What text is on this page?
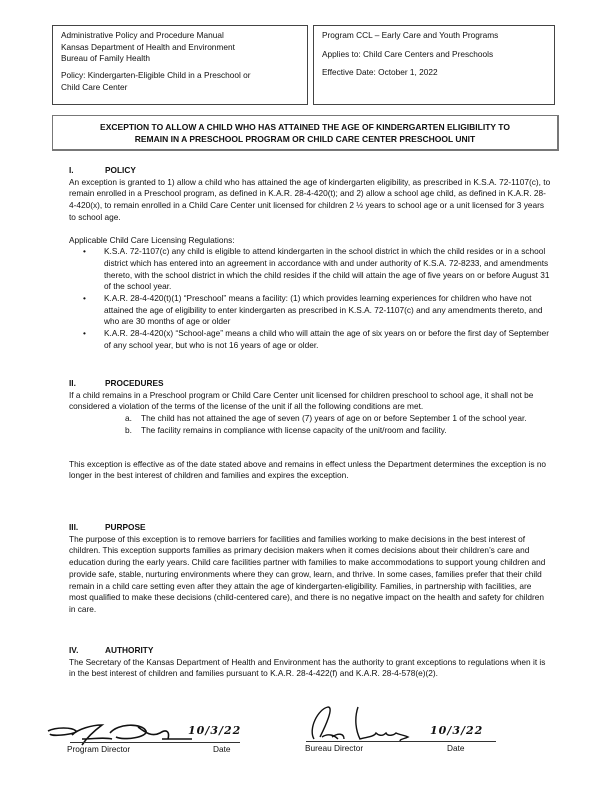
Administrative Policy and Procedure Manual
Kansas Department of Health and Environment
Bureau of Family Health
Policy: Kindergarten-Eligible Child in a Preschool or
Child Care Center
Program CCL – Early Care and Youth Programs
Applies to: Child Care Centers and Preschools
Effective Date: October 1, 2022
EXCEPTION TO ALLOW A CHILD WHO HAS ATTAINED THE AGE OF KINDERGARTEN ELIGIBILITY TO
REMAIN IN A PRESCHOOL PROGRAM OR CHILD CARE CENTER PRESCHOOL UNIT
I.	POLICY

An exception is granted to 1) allow a child who has attained the age of kindergarten eligibility, as prescribed in K.S.A. 72-1107(c), to remain enrolled in a Preschool program, as defined in K.A.R. 28-4-420(t); and 2) allow a school age child, as defined in K.A.R. 28-4-420(x), to remain enrolled in a Child Care Center unit licensed for children 2 ½ years to school age or a unit licensed for 3 years to school age.

Applicable Child Care Licensing Regulations:

• K.S.A. 72-1107(c) any child is eligible to attend kindergarten in the school district in which the child resides or in a school district which has entered into an agreement in accordance with and under authority of K.S.A. 72-8233, and amendments thereto, with the school district in which the child resides if the child will attain the age of five years on or before August 31 of the school year.
• K.A.R. 28-4-420(t)(1) “Preschool” means a facility: (1) which provides learning experiences for children who have not attained the age of eligibility to enter kindergarten as prescribed in K.S.A. 72-1107(c) and any amendments thereto, and who are 30 months of age or older
• K.A.R. 28-4-420(x) “School-age” means a child who will attain the age of six years on or before the first day of September of any school year, but who is not 16 years of age or older.
II.	PROCEDURES

If a child remains in a Preschool program or Child Care Center unit licensed for children preschool to school age, it shall not be considered a violation of the terms of the license of the unit if all the following conditions are met.

a. The child has not attained the age of seven (7) years of age on or before September 1 of the school year.
b. The facility remains in compliance with license capacity of the unit/room and facility.

This exception is effective as of the date stated above and remains in effect unless the Department determines the exception is no longer in the best interest of children and families and expires the exception.

III.	PURPOSE

The purpose of this exception is to remove barriers for facilities and families working to make decisions in the best interest of children. This exception supports families as primary decision makers when it comes decisions about their children’s care and education during the early years. Child care facilities partner with families to make accommodations to support young children and provide safe, stable, nurturing environments where they can grow, learn, and thrive. In some cases, families prefer that their child remain in a child care setting even after they attain the age of kindergarten-eligibility. Families, in partnership with facilities, are most qualified to make these decisions (child-centered care), and there is no negative impact on the health and safety for children in care.

IV.	AUTHORITY

The Secretary of the Kansas Department of Health and Environment has the authority to grant exceptions to regulations when it is in the best interest of children and families pursuant to K.A.R. 28-4-422(f) and K.A.R. 28-4-578(e)(2).

10/3/22
Program Director	Date
10/3/22
Bureau Director	Date
